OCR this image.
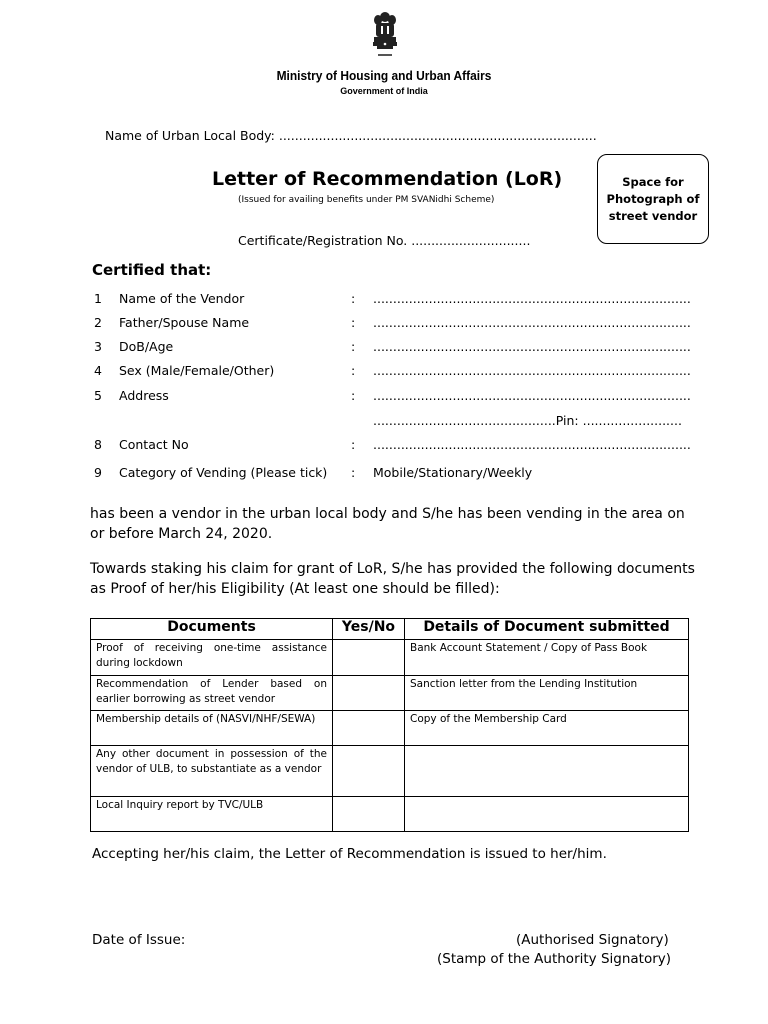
Ministry of Housing and Urban Affairs
Government of India
Name of Urban Local Body: ................................................................................
Letter of Recommendation (LoR)
(Issued for availing benefits under PM SVANidhi Scheme)
Space for
Photograph of
street vendor
Certificate/Registration No. ..............................
Certified that:
1	Name of the Vendor	: ................................................................................
2	Father/Spouse Name	: ................................................................................
3	DoB/Age	: ................................................................................
4	Sex (Male/Female/Other)	: ................................................................................
5	Address	: ................................................................................
..............................................Pin: .........................
8	Contact No	: ................................................................................
9	Category of Vending (Please tick) : Mobile/Stationary/Weekly
has been a vendor in the urban local body and S/he has been vending in the area on or before March 24, 2020.
Towards staking his claim for grant of LoR, S/he has provided the following documents as Proof of her/his Eligibility (At least one should be filled):
Documents	Yes/No	Details of Document submitted
Proof of receiving one-time assistance during lockdown		Bank Account Statement / Copy of Pass Book
Recommendation of Lender based on earlier borrowing as street vendor		Sanction letter from the Lending Institution
Membership details of (NASVI/NHF/SEWA)		Copy of the Membership Card
Any other document in possession of the vendor of ULB, to substantiate as a vendor		
Local Inquiry report by TVC/ULB		
Accepting her/his claim, the Letter of Recommendation is issued to her/him.
Date of Issue:	(Authorised Signatory)
(Stamp of the Authority Signatory)
